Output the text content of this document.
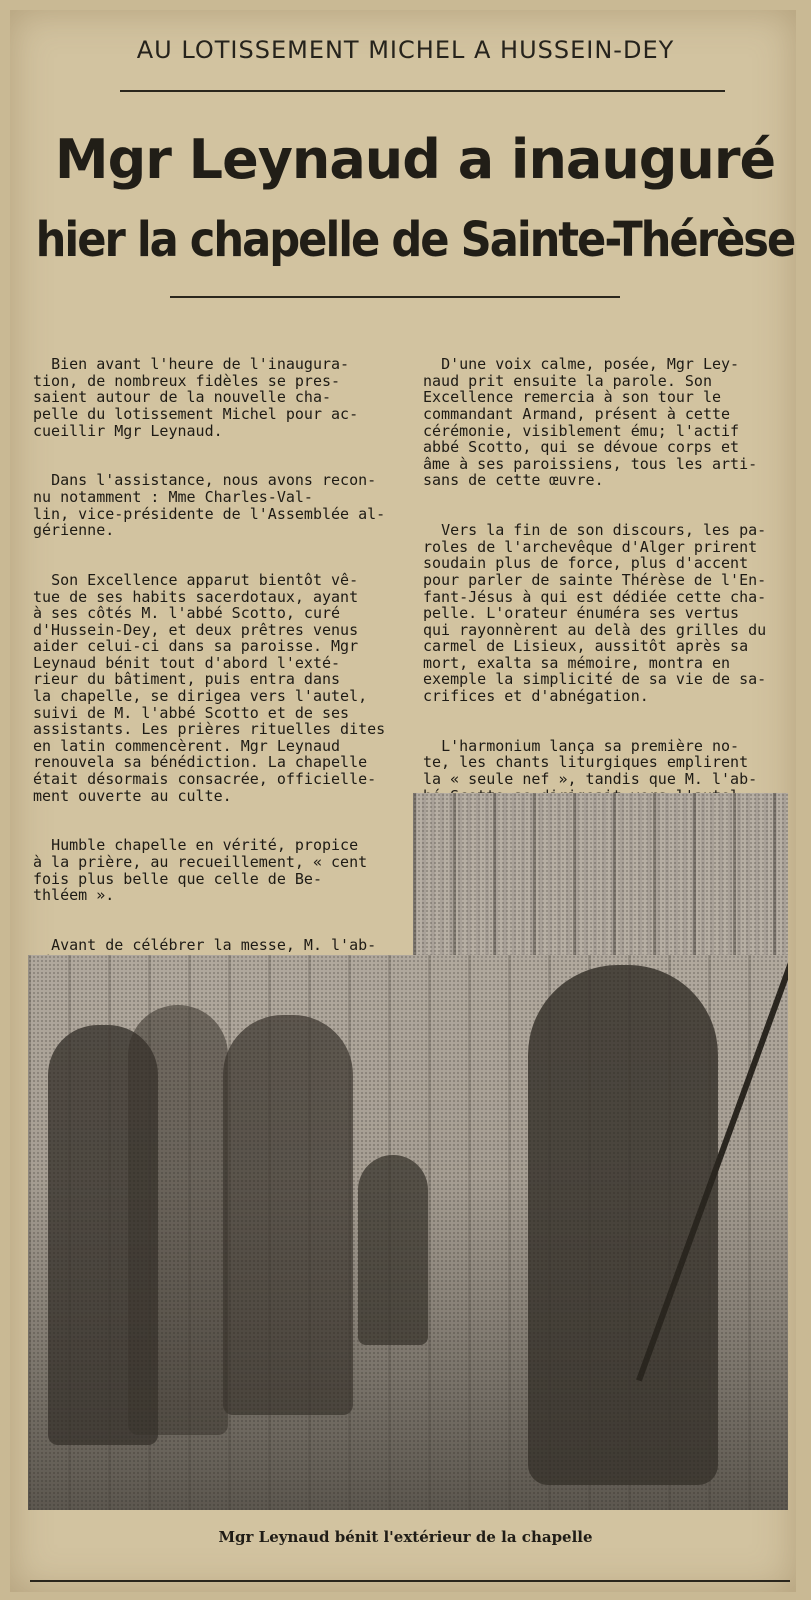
AU LOTISSEMENT MICHEL A HUSSEIN-DEY
Mgr Leynaud a inauguré
hier la chapelle de Sainte-Thérèse

Bien avant l'heure de l'inaugura-
tion, de nombreux fidèles se pres-
saient autour de la nouvelle cha-
pelle du lotissement Michel pour ac-
cueillir Mgr Leynaud.

Dans l'assistance, nous avons recon-
nu notamment : Mme Charles-Val-
lin, vice-présidente de l'Assemblée al-
gérienne.

Son Excellence apparut bientôt vê-
tue de ses habits sacerdotaux, ayant
à ses côtés M. l'abbé Scotto, curé
d'Hussein-Dey, et deux prêtres venus
aider celui-ci dans sa paroisse. Mgr
Leynaud bénit tout d'abord l'exté-
rieur du bâtiment, puis entra dans
la chapelle, se dirigea vers l'autel,
suivi de M. l'abbé Scotto et de ses
assistants. Les prières rituelles dites
en latin commencèrent. Mgr Leynaud
renouvela sa bénédiction. La chapelle
était désormais consacrée, officielle-
ment ouverte au culte.

Humble chapelle en vérité, propice
à la prière, au recueillement, « cent
fois plus belle que celle de Be-
thléem ».

Avant de célébrer la messe, M. l'ab-

D'une voix calme, posée, Mgr Ley-
naud prit ensuite la parole. Son
Excellence remercia à son tour le
commandant Armand, présent à cette
cérémonie, visiblement ému; l'actif
abbé Scotto, qui se dévoue corps et
âme à ses paroissiens, tous les arti-
sans de cette œuvre.

Vers la fin de son discours, les pa-
roles de l'archevêque d'Alger prirent
soudain plus de force, plus d'accent
pour parler de sainte Thérèse de l'En-
fant-Jésus à qui est dédiée cette cha-
pelle. L'orateur énuméra ses vertus
qui rayonnèrent au delà des grilles du
carmel de Lisieux, aussitôt après sa
mort, exalta sa mémoire, montra en
exemple la simplicité de sa vie de sa-
crifices et d'abnégation.

L'harmonium lança sa première no-
te, les chants liturgiques emplirent
la « seule nef », tandis que M. l'ab-

Mgr Leynaud bénit l'extérieur de la chapelle
